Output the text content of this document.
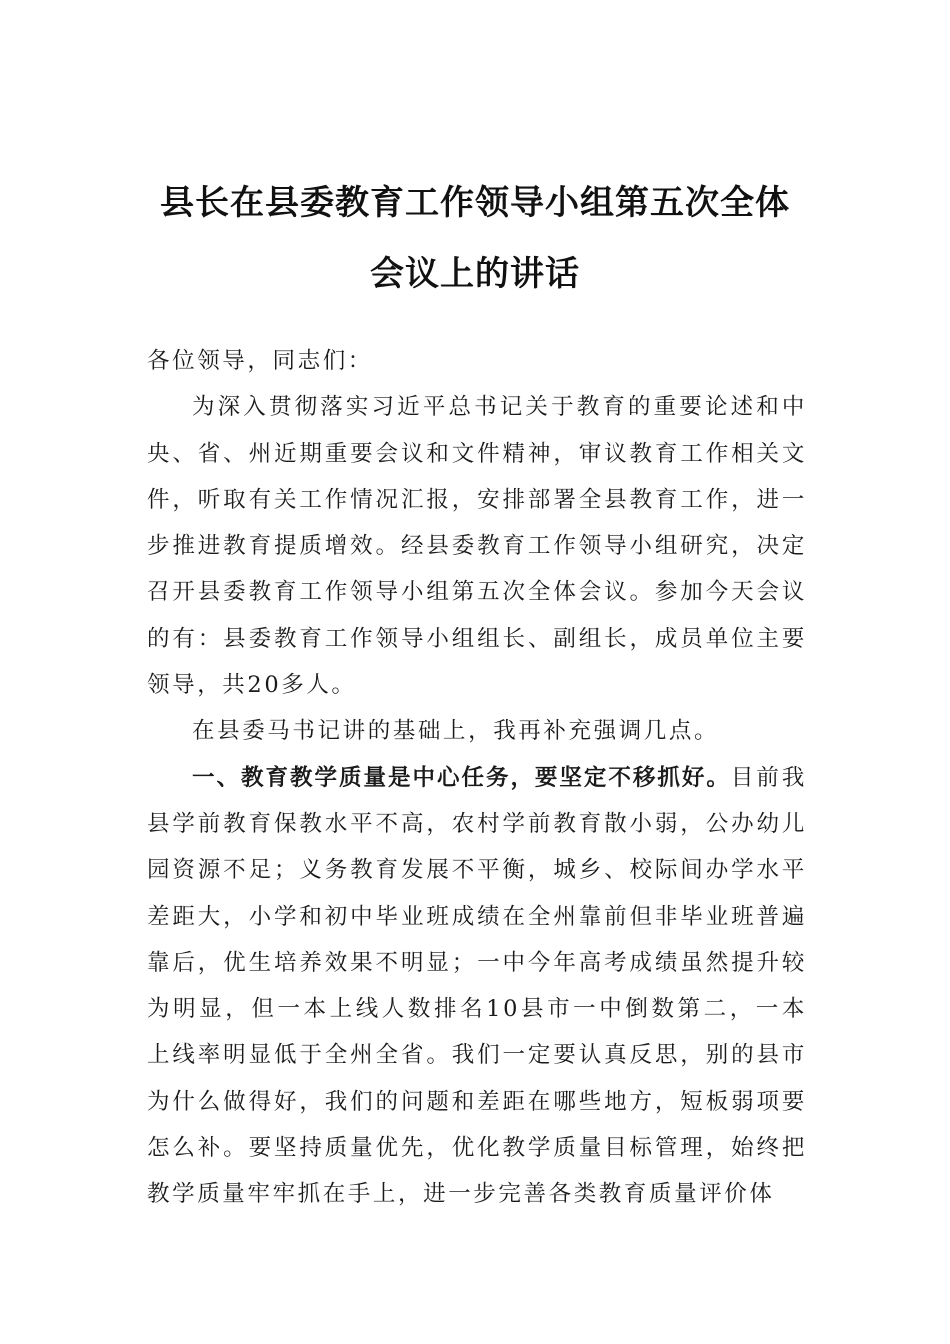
县长在县委教育工作领导小组第五次全体
会议上的讲话

各位领导，同志们：

为深入贯彻落实习近平总书记关于教育的重要论述和中央、省、州近期重要会议和文件精神，审议教育工作相关文件，听取有关工作情况汇报，安排部署全县教育工作，进一步推进教育提质增效。经县委教育工作领导小组研究，决定召开县委教育工作领导小组第五次全体会议。参加今天会议的有：县委教育工作领导小组组长、副组长，成员单位主要领导，共20多人。

在县委马书记讲的基础上，我再补充强调几点。

一、教育教学质量是中心任务，要坚定不移抓好。目前我县学前教育保教水平不高，农村学前教育散小弱，公办幼儿园资源不足；义务教育发展不平衡，城乡、校际间办学水平差距大，小学和初中毕业班成绩在全州靠前但非毕业班普遍靠后，优生培养效果不明显；一中今年高考成绩虽然提升较为明显，但一本上线人数排名10县市一中倒数第二，一本上线率明显低于全州全省。我们一定要认真反思，别的县市为什么做得好，我们的问题和差距在哪些地方，短板弱项要怎么补。要坚持质量优先，优化教学质量目标管理，始终把教学质量牢牢抓在手上，进一步完善各类教育质量评价体
